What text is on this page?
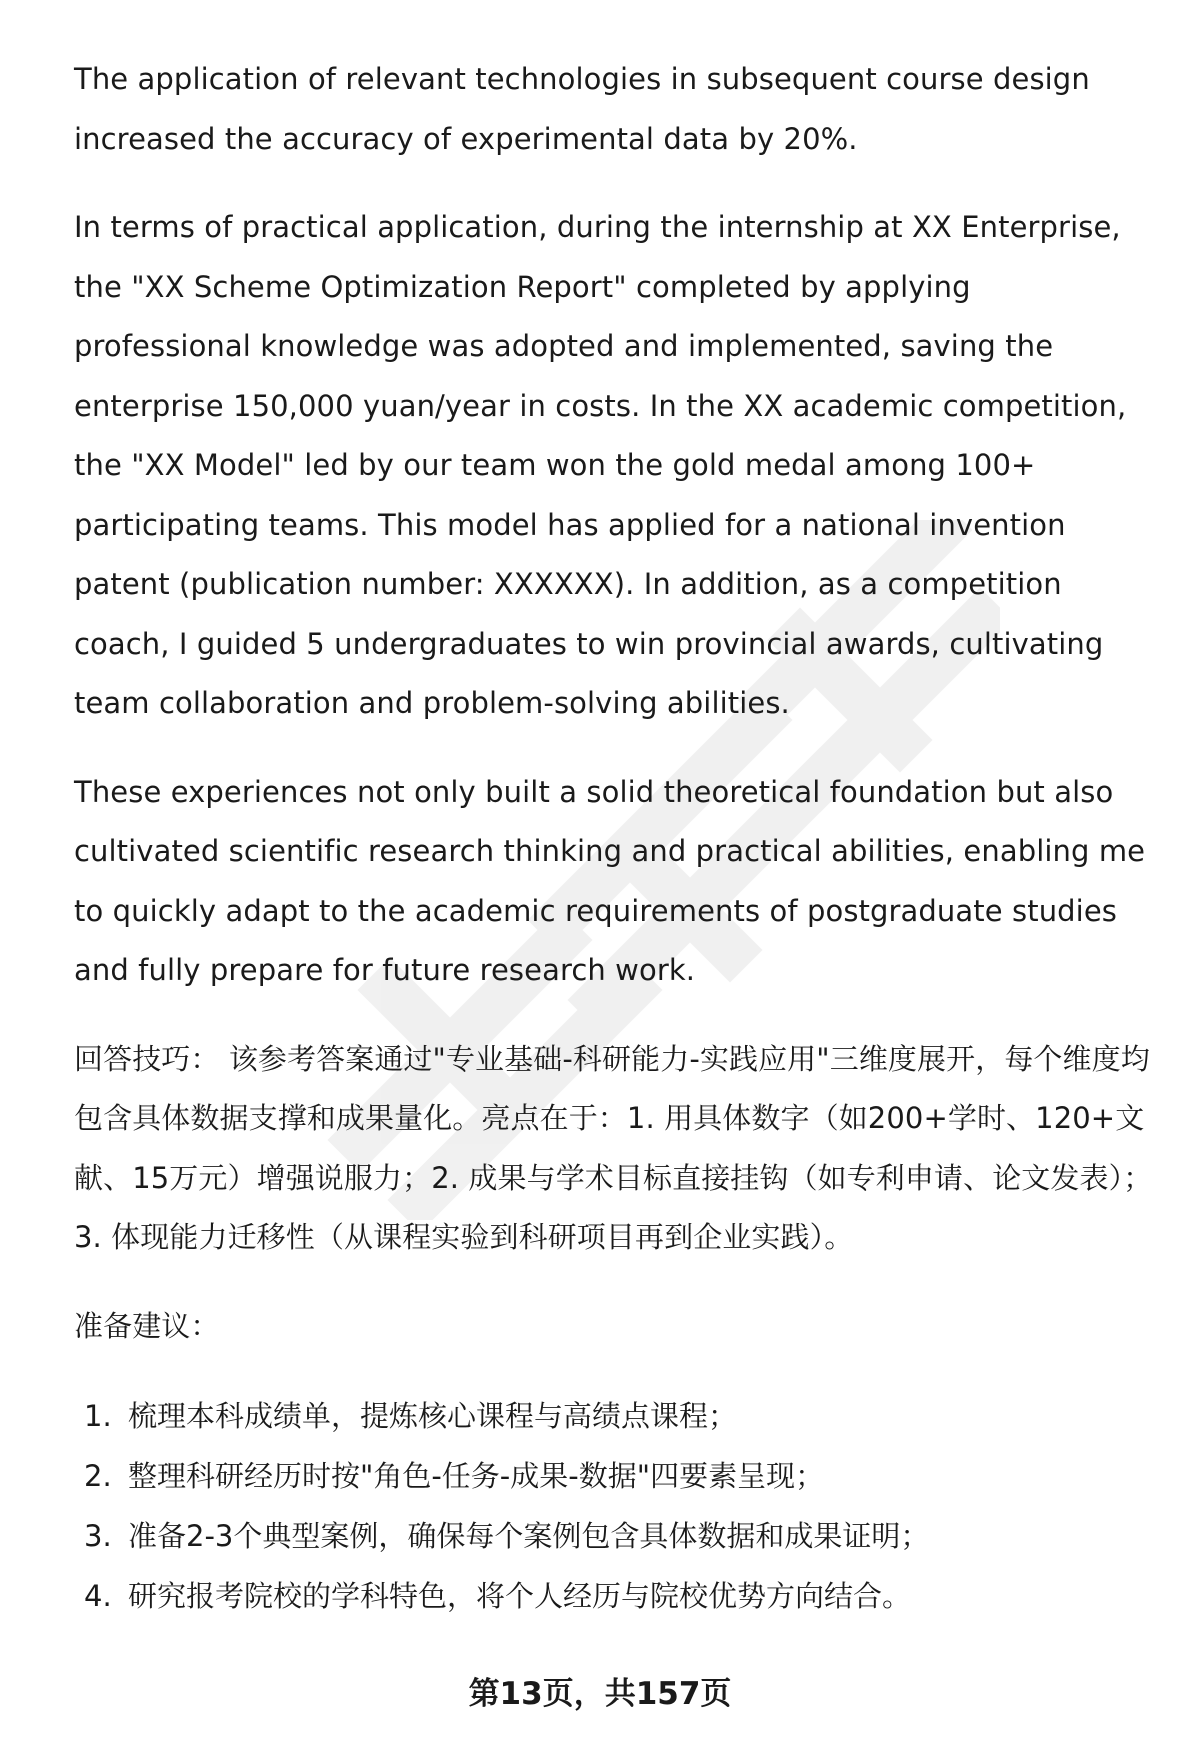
The application of relevant technologies in subsequent course design increased the accuracy of experimental data by 20%.

In terms of practical application, during the internship at XX Enterprise, the "XX Scheme Optimization Report" completed by applying professional knowledge was adopted and implemented, saving the enterprise 150,000 yuan/year in costs. In the XX academic competition, the "XX Model" led by our team won the gold medal among 100+ participating teams. This model has applied for a national invention patent (publication number: XXXXXX). In addition, as a competition coach, I guided 5 undergraduates to win provincial awards, cultivating team collaboration and problem-solving abilities.

These experiences not only built a solid theoretical foundation but also cultivated scientific research thinking and practical abilities, enabling me to quickly adapt to the academic requirements of postgraduate studies and fully prepare for future research work.

回答技巧： 该参考答案通过"专业基础-科研能力-实践应用"三维度展开，每个维度均包含具体数据支撑和成果量化。亮点在于：1. 用具体数字（如200+学时、120+文献、15万元）增强说服力；2. 成果与学术目标直接挂钩（如专利申请、论文发表）；3. 体现能力迁移性（从课程实验到科研项目再到企业实践）。

准备建议：

1. 梳理本科成绩单，提炼核心课程与高绩点课程；
2. 整理科研经历时按"角色-任务-成果-数据"四要素呈现；
3. 准备2-3个典型案例，确保每个案例包含具体数据和成果证明；
4. 研究报考院校的学科特色，将个人经历与院校优势方向结合。
第13页，共157页
